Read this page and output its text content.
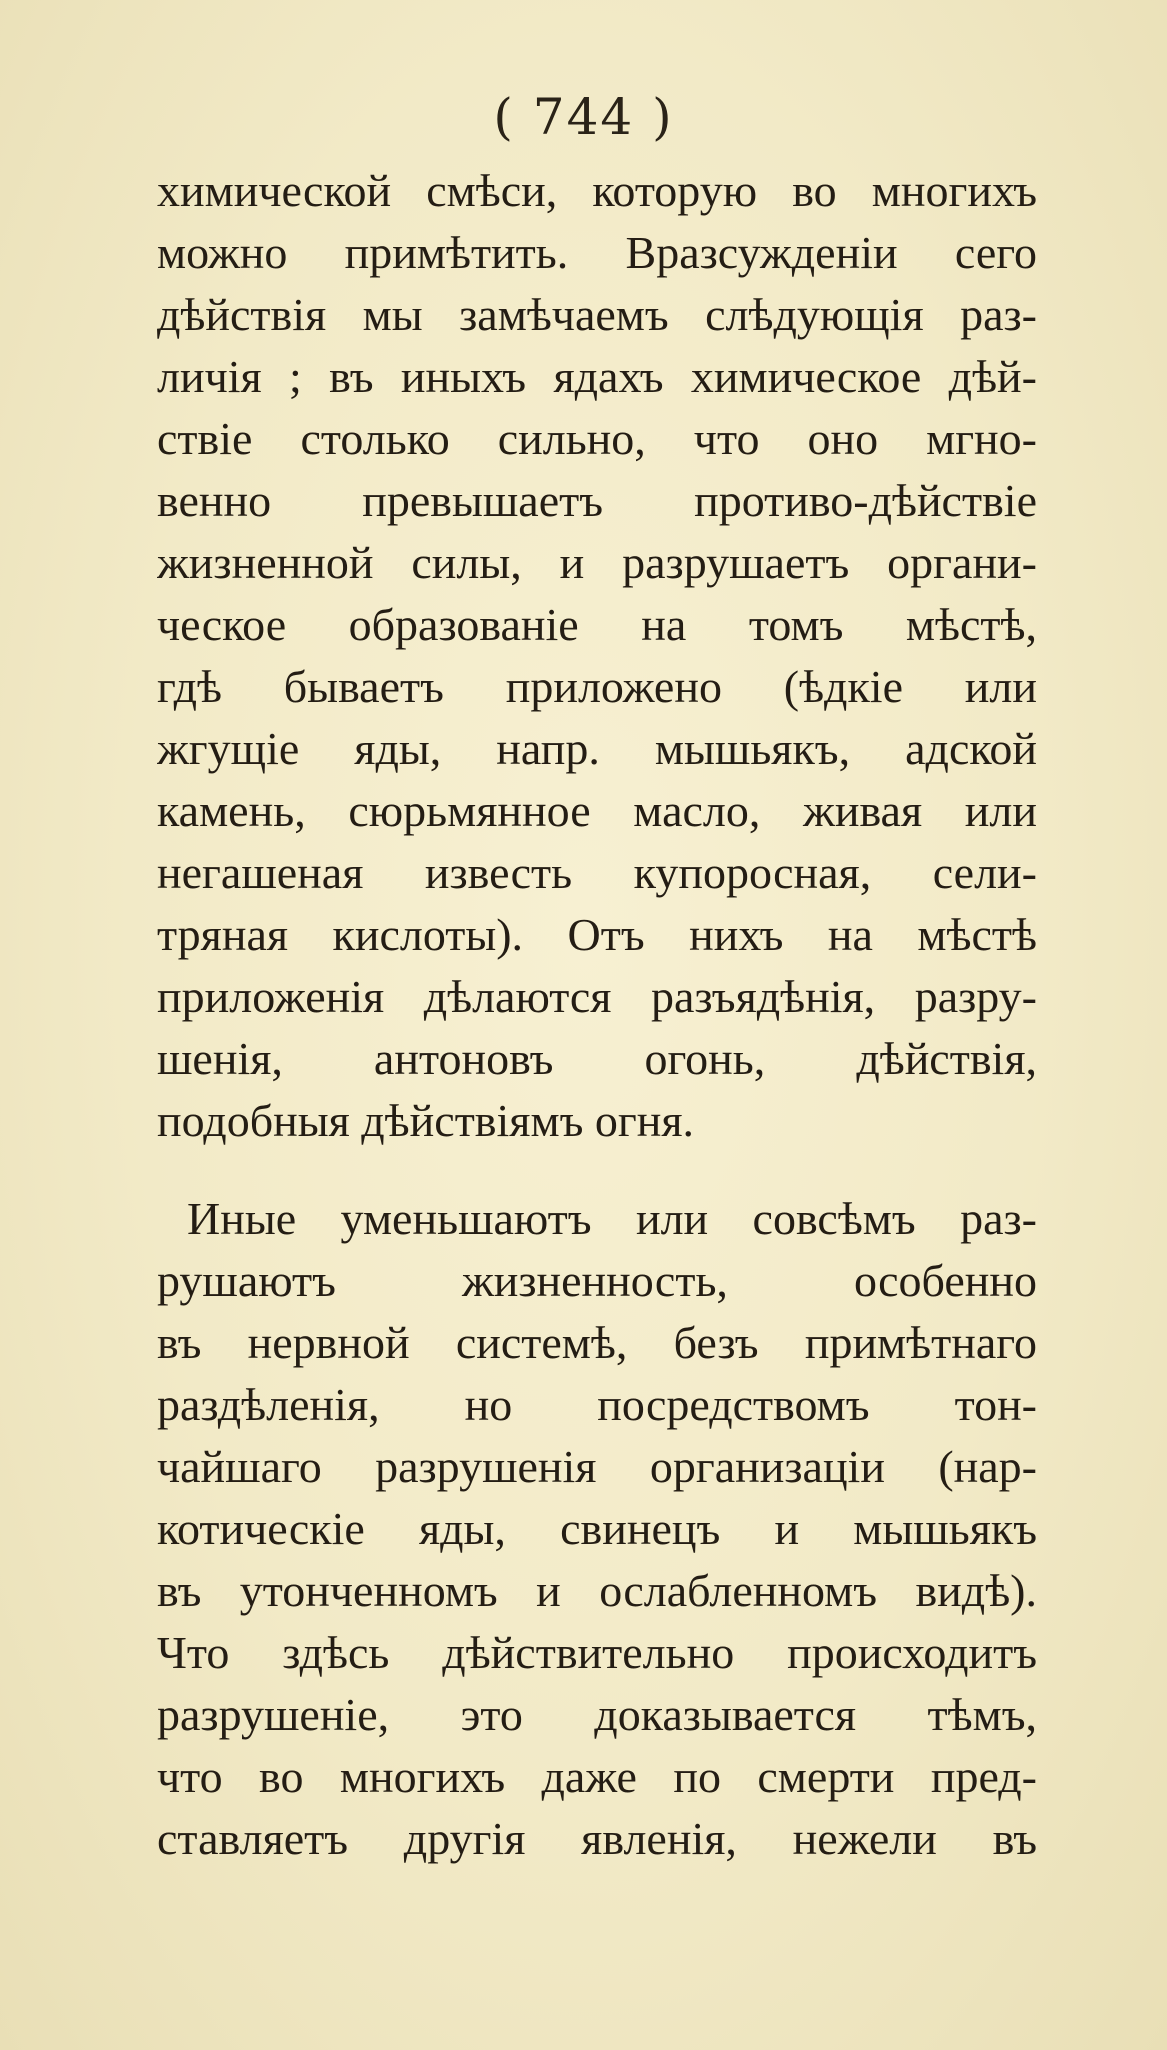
( 744 )
химической смѣси, которую во многихъ
можно примѣтить. Вразсужденіи сего
дѣйствія мы замѣчаемъ слѣдующія раз-
личія ; въ иныхъ ядахъ химическое дѣй-
ствіе столько сильно, что оно мгно-
венно превышаетъ противо-дѣйствіе
жизненной силы, и разрушаетъ органи-
ческое образованіе на томъ мѣстѣ,
гдѣ бываетъ приложено (ѣдкіе или
жгущіе яды, напр. мышьякъ, адской
камень, сюрьмянное масло, живая или
негашеная известь купоросная, сели-
тряная кислоты). Отъ нихъ на мѣстѣ
приложенія дѣлаются разъядѣнія, разру-
шенія, антоновъ огонь, дѣйствія,
подобныя дѣйствіямъ огня.
Иные уменьшаютъ или совсѣмъ раз-
рушаютъ жизненность, особенно
въ нервной системѣ, безъ примѣтнаго
раздѣленія, но посредствомъ тон-
чайшаго разрушенія организаціи (нар-
котическіе яды, свинецъ и мышьякъ
въ утонченномъ и ослабленномъ видѣ).
Что здѣсь дѣйствительно происходитъ
разрушеніе, это доказывается тѣмъ,
что во многихъ даже по смерти пред-
ставляетъ другія явленія, нежели въ
